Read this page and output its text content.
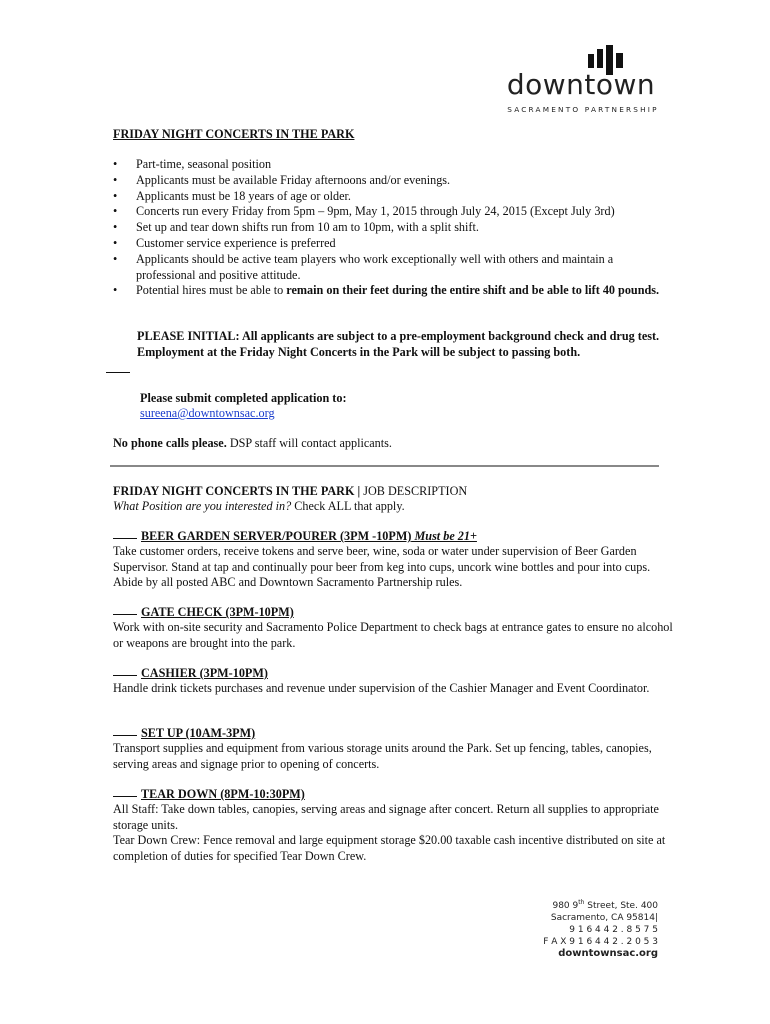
downtown
SACRAMENTO PARTNERSHIP
FRIDAY NIGHT CONCERTS IN THE PARK
• Part-time, seasonal position
• Applicants must be available Friday afternoons and/or evenings.
• Applicants must be 18 years of age or older.
• Concerts run every Friday from 5pm – 9pm, May 1, 2015 through July 24, 2015 (Except July 3rd)
• Set up and tear down shifts run from 10 am to 10pm, with a split shift.
• Customer service experience is preferred
• Applicants should be active team players who work exceptionally well with others and maintain a professional and positive attitude.
• Potential hires must be able to remain on their feet during the entire shift and be able to lift 40 pounds.
PLEASE INITIAL: All applicants are subject to a pre-employment background check and drug test. Employment at the Friday Night Concerts in the Park will be subject to passing both.
Please submit completed application to:
sureena@downtownsac.org
No phone calls please. DSP staff will contact applicants.
FRIDAY NIGHT CONCERTS IN THE PARK | JOB DESCRIPTION
What Position are you interested in? Check ALL that apply.
BEER GARDEN SERVER/POURER (3PM -10PM) Must be 21+

Take customer orders, receive tokens and serve beer, wine, soda or water under supervision of Beer Garden Supervisor. Stand at tap and continually pour beer from keg into cups, uncork wine bottles and pour into cups. Abide by all posted ABC and Downtown Sacramento Partnership rules.

GATE CHECK (3PM-10PM)

Work with on-site security and Sacramento Police Department to check bags at entrance gates to ensure no alcohol or weapons are brought into the park.

CASHIER (3PM-10PM)

Handle drink tickets purchases and revenue under supervision of the Cashier Manager and Event Coordinator.

SET UP (10AM-3PM)

Transport supplies and equipment from various storage units around the Park. Set up fencing, tables, canopies, serving areas and signage prior to opening of concerts.

TEAR DOWN (8PM-10:30PM)

All Staff: Take down tables, canopies, serving areas and signage after concert. Return all supplies to appropriate storage units.

Tear Down Crew: Fence removal and large equipment storage $20.00 taxable cash incentive distributed on site at completion of duties for specified Tear Down Crew.

980 9th Street, Ste. 400
Sacramento, CA 95814|
9 1 6 4 4 2 . 8 5 7 5
F A X 9 1 6 4 4 2 . 2 0 5 3
downtownsac.org
